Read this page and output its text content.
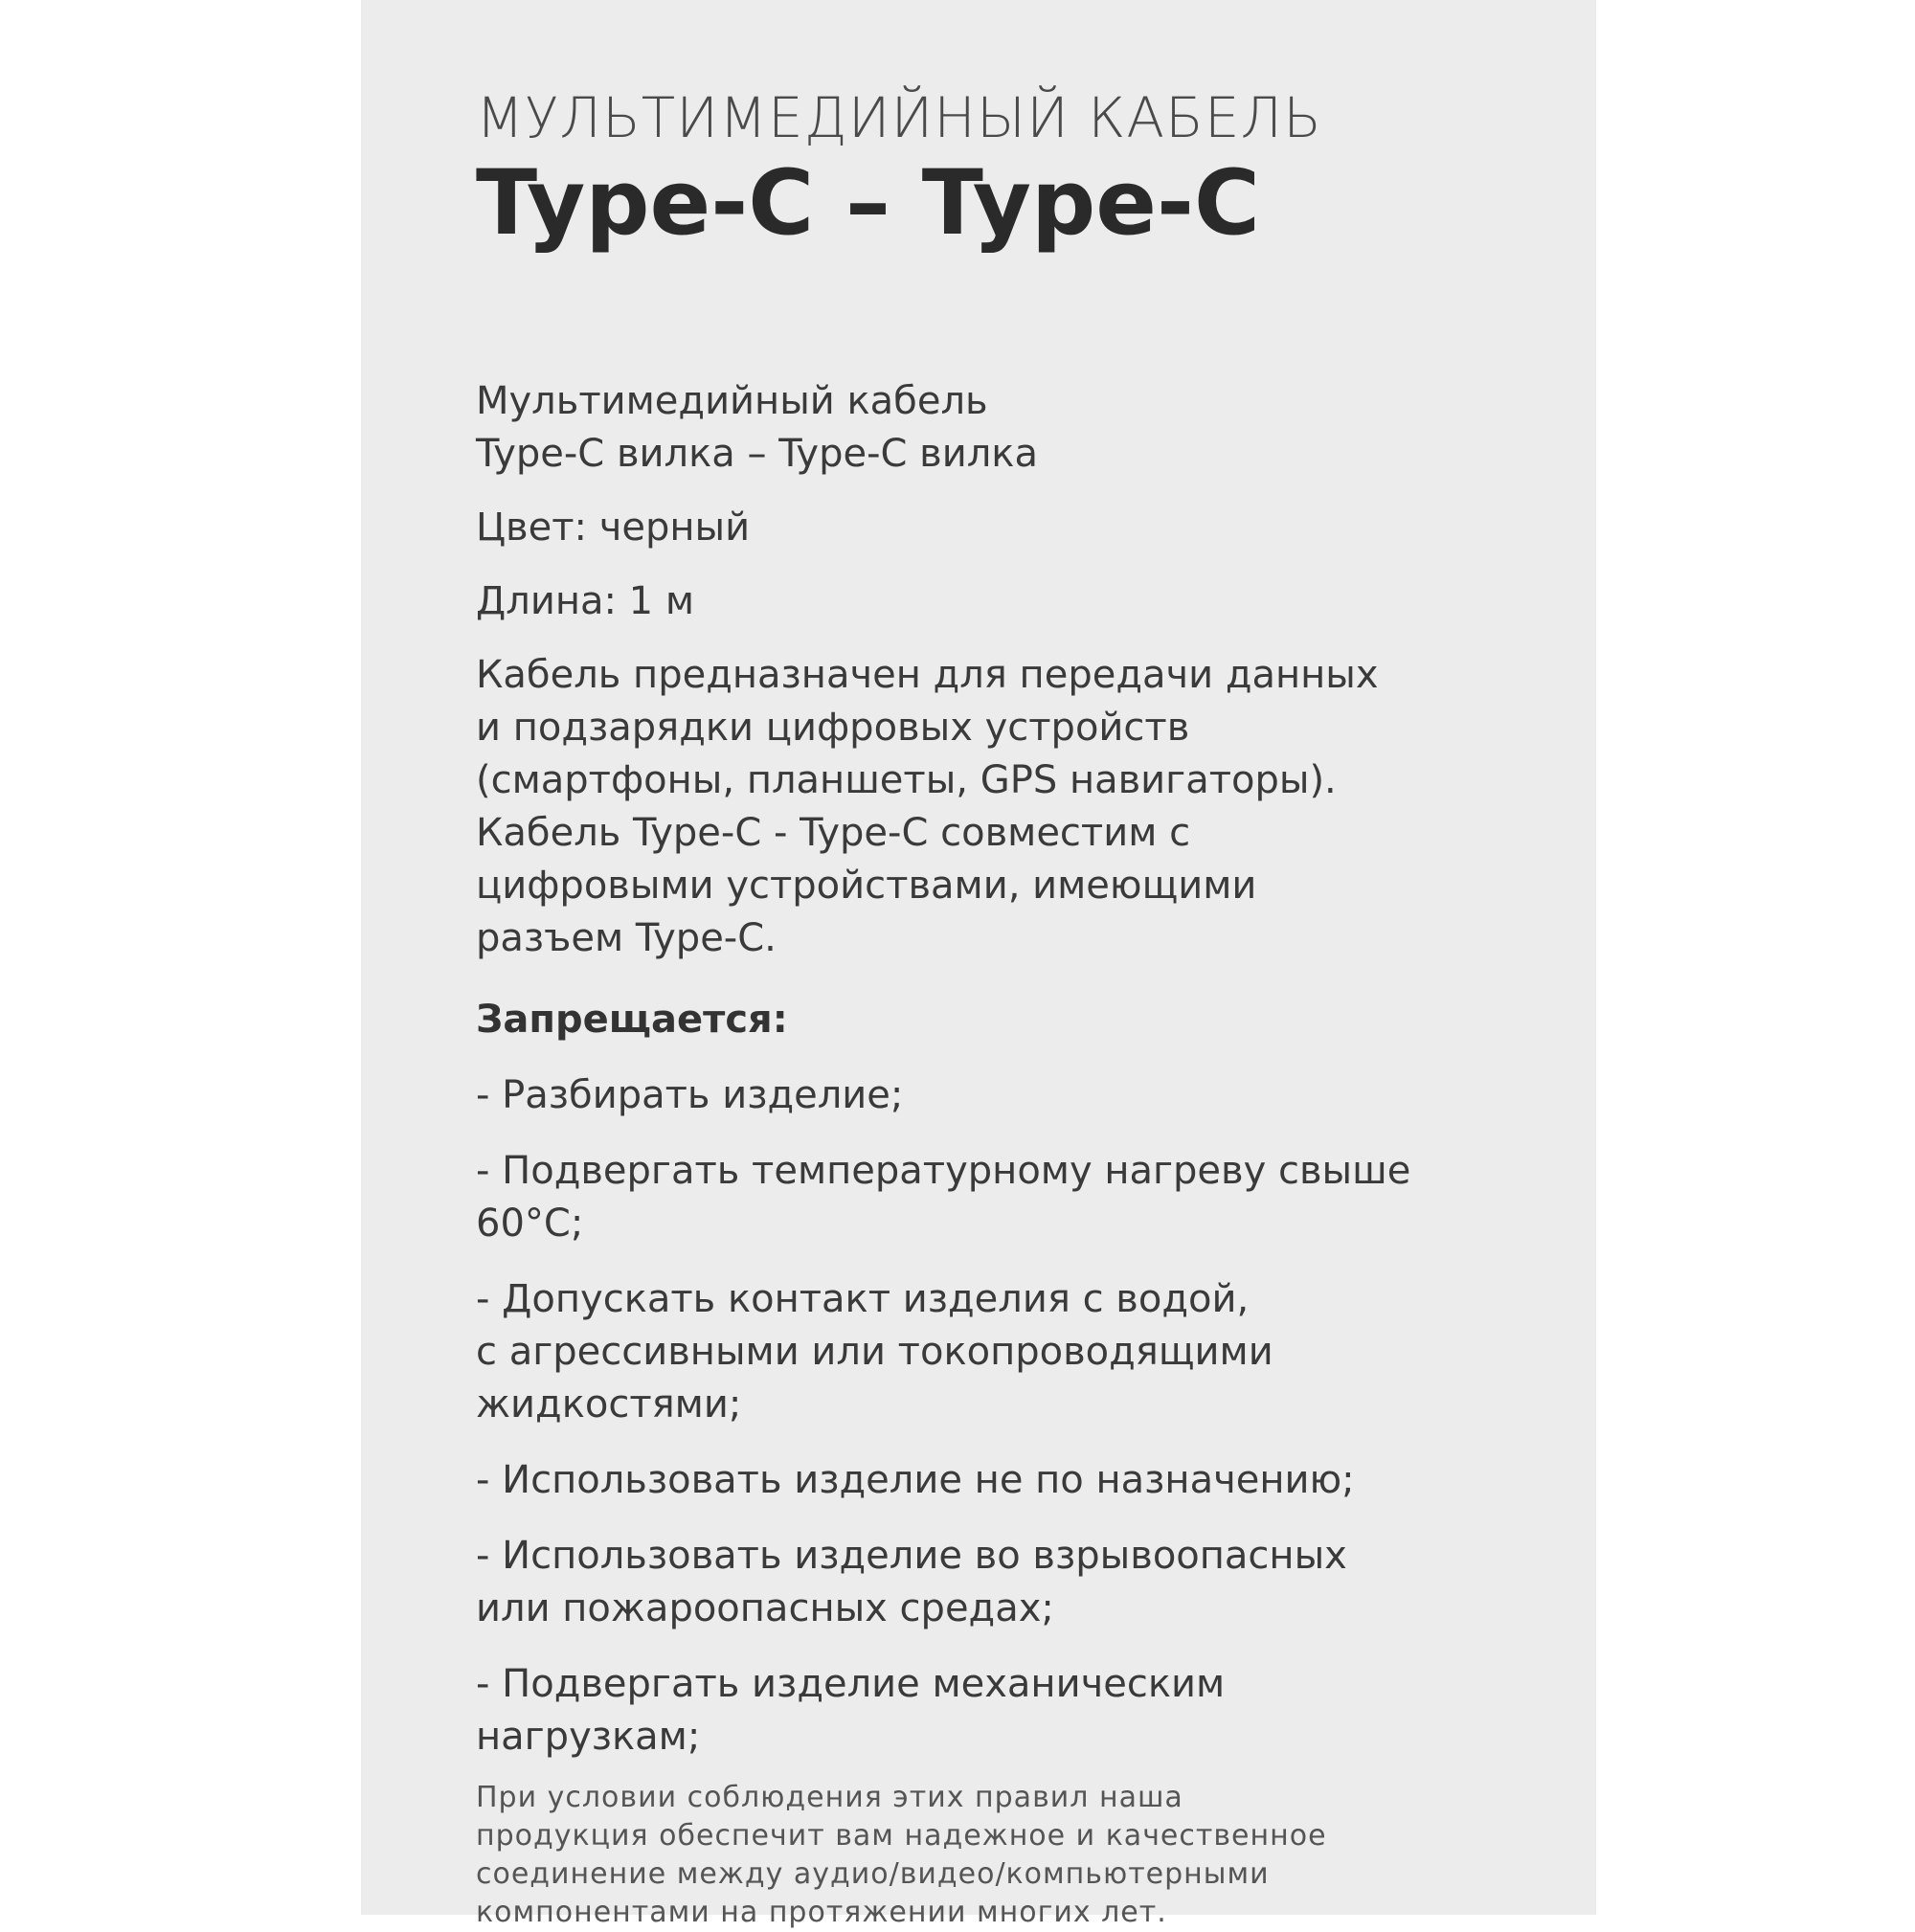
МУЛЬТИМЕДИЙНЫЙ КАБЕЛЬ

Type-C – Type-C

Мультимедийный кабель
Type-C вилка – Type-C вилка

Цвет: черный

Длина: 1 м

Кабель предназначен для передачи данных
и подзарядки цифровых устройств
(смартфоны, планшеты, GPS навигаторы).
Кабель Type-C - Type-C совместим с
цифровыми устройствами, имеющими
разъем Type-C.

Запрещается:

- Разбирать изделие;

- Подвергать температурному нагреву свыше
60°С;

- Допускать контакт изделия с водой,
с агрессивными или токопроводящими
жидкостями;

- Использовать изделие не по назначению;

- Использовать изделие во взрывоопасных
или пожароопасных средах;

- Подвергать изделие механическим
нагрузкам;

При условии соблюдения этих правил наша
продукция обеспечит вам надежное и качественное
соединение между аудио/видео/компьютерными
компонентами на протяжении многих лет.
